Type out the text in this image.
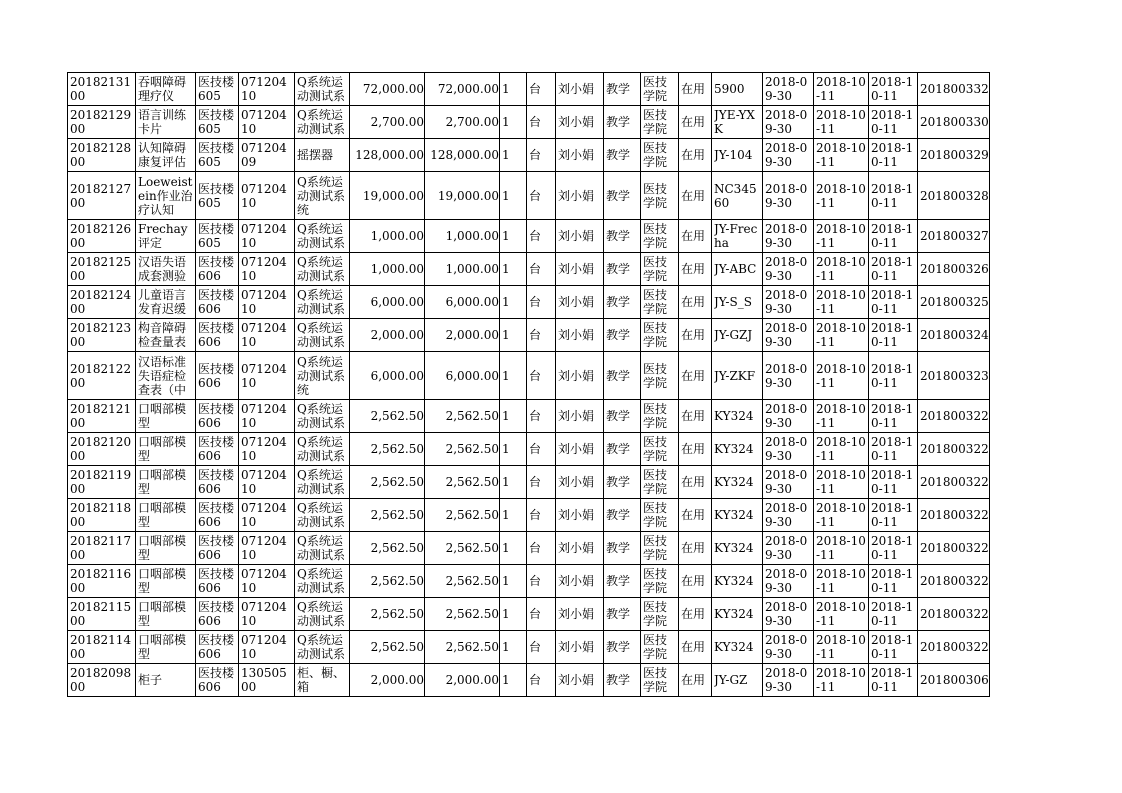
2018213100	吞咽障碍理疗仪	医技楼605	07120410	Q系统运动测试系	72,000.00	72,000.00	1	台	刘小娟	教学	医技学院	在用	5900	2018-09-30	2018-10-11	2018-10-11	201800332

2018212900	语言训练卡片	医技楼605	07120410	Q系统运动测试系	2,700.00	2,700.00	1	台	刘小娟	教学	医技学院	在用	JYE-YXK	2018-09-30	2018-10-11	2018-10-11	201800330

2018212800	认知障碍康复评估	医技楼605	07120409	摇摆器	128,000.00	128,000.00	1	台	刘小娟	教学	医技学院	在用	JY-104	2018-09-30	2018-10-11	2018-10-11	201800329

2018212700	Loeweistein作业治疗认知	医技楼605	07120410	Q系统运动测试系统	19,000.00	19,000.00	1	台	刘小娟	教学	医技学院	在用	NC34560	2018-09-30	2018-10-11	2018-10-11	201800328

2018212600	Frechay评定	医技楼605	07120410	Q系统运动测试系	1,000.00	1,000.00	1	台	刘小娟	教学	医技学院	在用	JY-Frecha	2018-09-30	2018-10-11	2018-10-11	201800327

2018212500	汉语失语成套测验	医技楼606	07120410	Q系统运动测试系	1,000.00	1,000.00	1	台	刘小娟	教学	医技学院	在用	JY-ABC	2018-09-30	2018-10-11	2018-10-11	201800326

2018212400	儿童语言发育迟缓	医技楼606	07120410	Q系统运动测试系	6,000.00	6,000.00	1	台	刘小娟	教学	医技学院	在用	JY-S_S	2018-09-30	2018-10-11	2018-10-11	201800325

2018212300	构音障碍检查量表	医技楼606	07120410	Q系统运动测试系	2,000.00	2,000.00	1	台	刘小娟	教学	医技学院	在用	JY-GZJ	2018-09-30	2018-10-11	2018-10-11	201800324

2018212200	汉语标准失语症检查表（中	医技楼606	07120410	Q系统运动测试系统	6,000.00	6,000.00	1	台	刘小娟	教学	医技学院	在用	JY-ZKF	2018-09-30	2018-10-11	2018-10-11	201800323

2018212100	口咽部模型	医技楼606	07120410	Q系统运动测试系	2,562.50	2,562.50	1	台	刘小娟	教学	医技学院	在用	KY324	2018-09-30	2018-10-11	2018-10-11	201800322

2018212000	口咽部模型	医技楼606	07120410	Q系统运动测试系	2,562.50	2,562.50	1	台	刘小娟	教学	医技学院	在用	KY324	2018-09-30	2018-10-11	2018-10-11	201800322

2018211900	口咽部模型	医技楼606	07120410	Q系统运动测试系	2,562.50	2,562.50	1	台	刘小娟	教学	医技学院	在用	KY324	2018-09-30	2018-10-11	2018-10-11	201800322

2018211800	口咽部模型	医技楼606	07120410	Q系统运动测试系	2,562.50	2,562.50	1	台	刘小娟	教学	医技学院	在用	KY324	2018-09-30	2018-10-11	2018-10-11	201800322

2018211700	口咽部模型	医技楼606	07120410	Q系统运动测试系	2,562.50	2,562.50	1	台	刘小娟	教学	医技学院	在用	KY324	2018-09-30	2018-10-11	2018-10-11	201800322

2018211600	口咽部模型	医技楼606	07120410	Q系统运动测试系	2,562.50	2,562.50	1	台	刘小娟	教学	医技学院	在用	KY324	2018-09-30	2018-10-11	2018-10-11	201800322

2018211500	口咽部模型	医技楼606	07120410	Q系统运动测试系	2,562.50	2,562.50	1	台	刘小娟	教学	医技学院	在用	KY324	2018-09-30	2018-10-11	2018-10-11	201800322

2018211400	口咽部模型	医技楼606	07120410	Q系统运动测试系	2,562.50	2,562.50	1	台	刘小娟	教学	医技学院	在用	KY324	2018-09-30	2018-10-11	2018-10-11	201800322

2018209800	柜子	医技楼606	13050500	柜、橱、箱	2,000.00	2,000.00	1	台	刘小娟	教学	医技学院	在用	JY-GZ	2018-09-30	2018-10-11	2018-10-11	201800306
